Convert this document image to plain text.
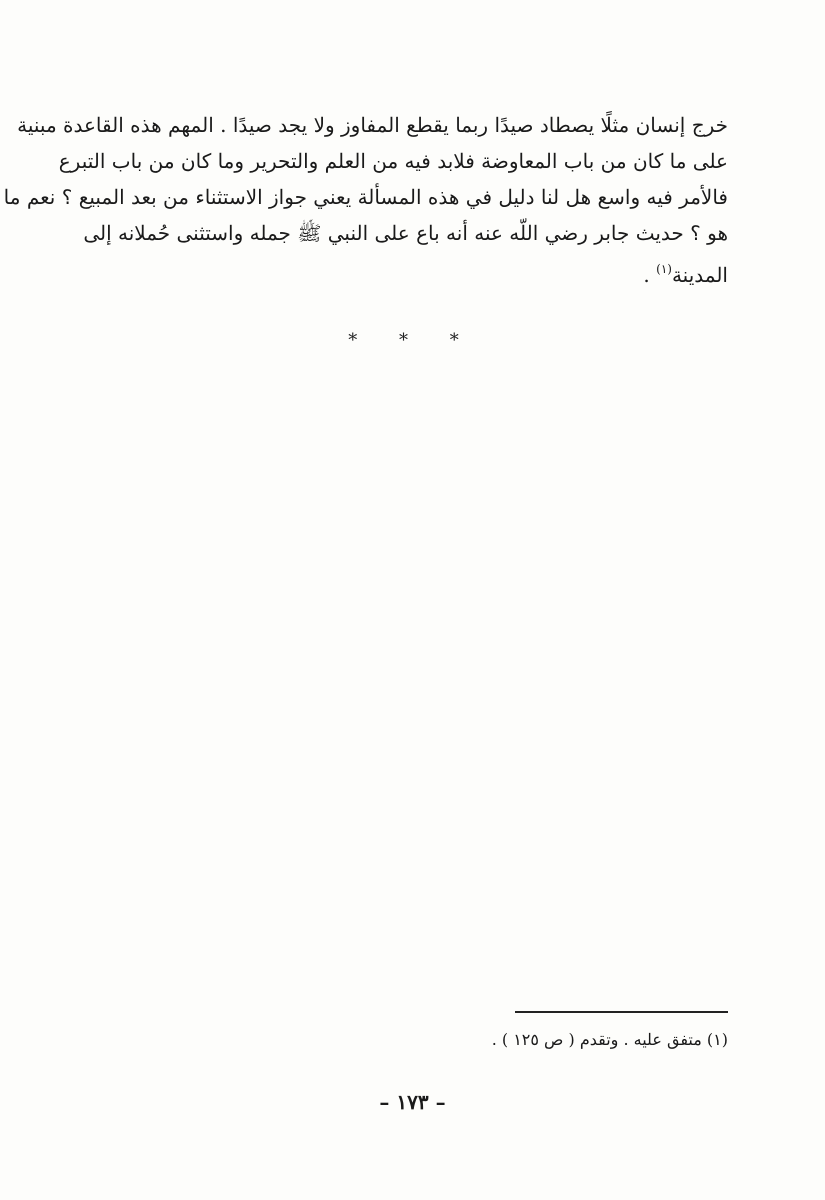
خرج إنسان مثلًا يصطاد صيدًا ربما يقطع المفاوز ولا يجد صيدًا . المهم هذه القاعدة مبنية
على ما كان من باب المعاوضة فلابد فيه من العلم والتحرير وما كان من باب التبرع
فالأمر فيه واسع هل لنا دليل في هذه المسألة يعني جواز الاستثناء من بعد المبيع ؟ نعم ما
هو ؟ حديث جابر رضي اللّه عنه أنه باع على النبي ﷺ جمله واستثنى حُملانه إلى
المدينة$^{(١)}$ .
* * *
(١) متفق عليه . وتقدم ( ص ١٢٥ ) .
– ١٧٣ –
